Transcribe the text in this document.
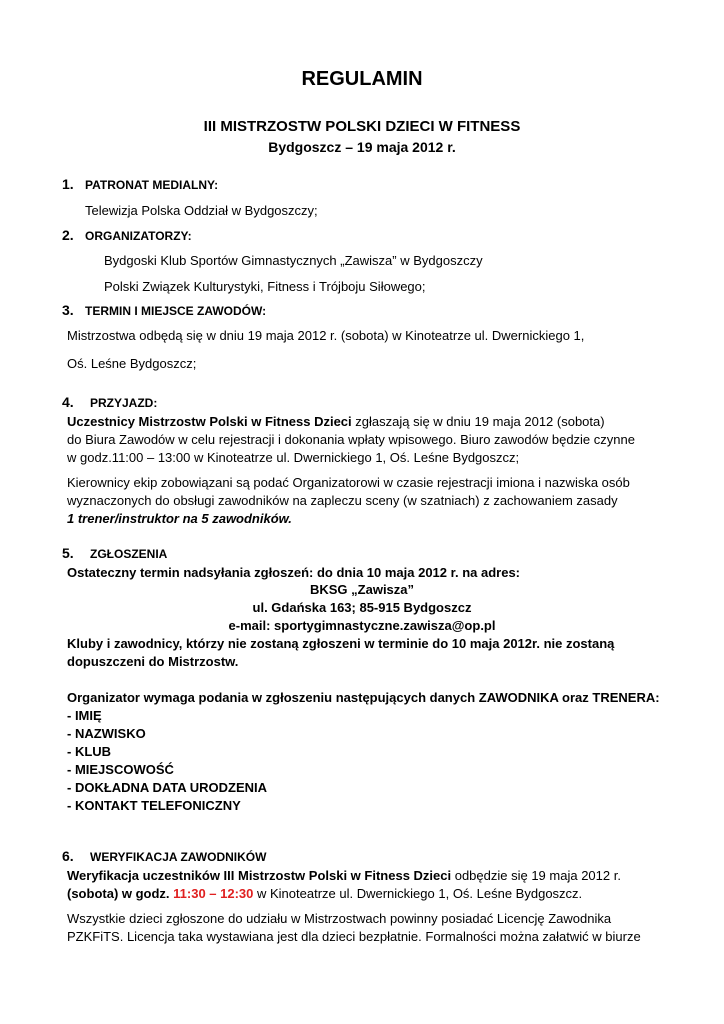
REGULAMIN
III MISTRZOSTW POLSKI DZIECI W FITNESS
Bydgoszcz – 19 maja 2012 r.
1. PATRONAT MEDIALNY:
Telewizja Polska Oddział w Bydgoszczy;
2. ORGANIZATORZY:
Bydgoski Klub Sportów Gimnastycznych „Zawisza” w Bydgoszczy
Polski Związek Kulturystyki, Fitness i Trójboju Siłowego;
3. TERMIN I MIEJSCE ZAWODÓW:
Mistrzostwa odbędą się w dniu 19 maja 2012 r. (sobota) w Kinoteatrze ul. Dwernickiego 1,
Oś. Leśne Bydgoszcz;
4. PRZYJAZD:
Uczestnicy Mistrzostw Polski w Fitness Dzieci zgłaszają się w dniu 19 maja 2012 (sobota)
do Biura Zawodów w celu rejestracji i dokonania wpłaty wpisowego. Biuro zawodów będzie czynne
w godz.11:00 – 13:00 w Kinoteatrze ul. Dwernickiego 1, Oś. Leśne Bydgoszcz;
Kierownicy ekip zobowiązani są podać Organizatorowi w czasie rejestracji imiona i nazwiska osób
wyznaczonych do obsługi zawodników na zapleczu sceny (w szatniach) z zachowaniem zasady
1 trener/instruktor na 5 zawodników.
5. ZGŁOSZENIA
Ostateczny termin nadsyłania zgłoszeń: do dnia 10 maja 2012 r. na adres:
BKSG „Zawisza”
ul. Gdańska 163; 85-915 Bydgoszcz
e-mail: sportygimnastyczne.zawisza@op.pl
Kluby i zawodnicy, którzy nie zostaną zgłoszeni w terminie do 10 maja 2012r. nie zostaną
dopuszczeni do Mistrzostw.
Organizator wymaga podania w zgłoszeniu następujących danych ZAWODNIKA oraz TRENERA:
- IMIĘ
- NAZWISKO
- KLUB
- MIEJSCOWOŚĆ
- DOKŁADNA DATA URODZENIA
- KONTAKT TELEFONICZNY
6. WERYFIKACJA ZAWODNIKÓW
Weryfikacja uczestników III Mistrzostw Polski w Fitness Dzieci odbędzie się 19 maja 2012 r.
(sobota) w godz. 11:30 – 12:30 w Kinoteatrze ul. Dwernickiego 1, Oś. Leśne Bydgoszcz.
Wszystkie dzieci zgłoszone do udziału w Mistrzostwach powinny posiadać Licencję Zawodnika
PZKFiTS. Licencja taka wystawiana jest dla dzieci bezpłatnie. Formalności można załatwić w biurze
